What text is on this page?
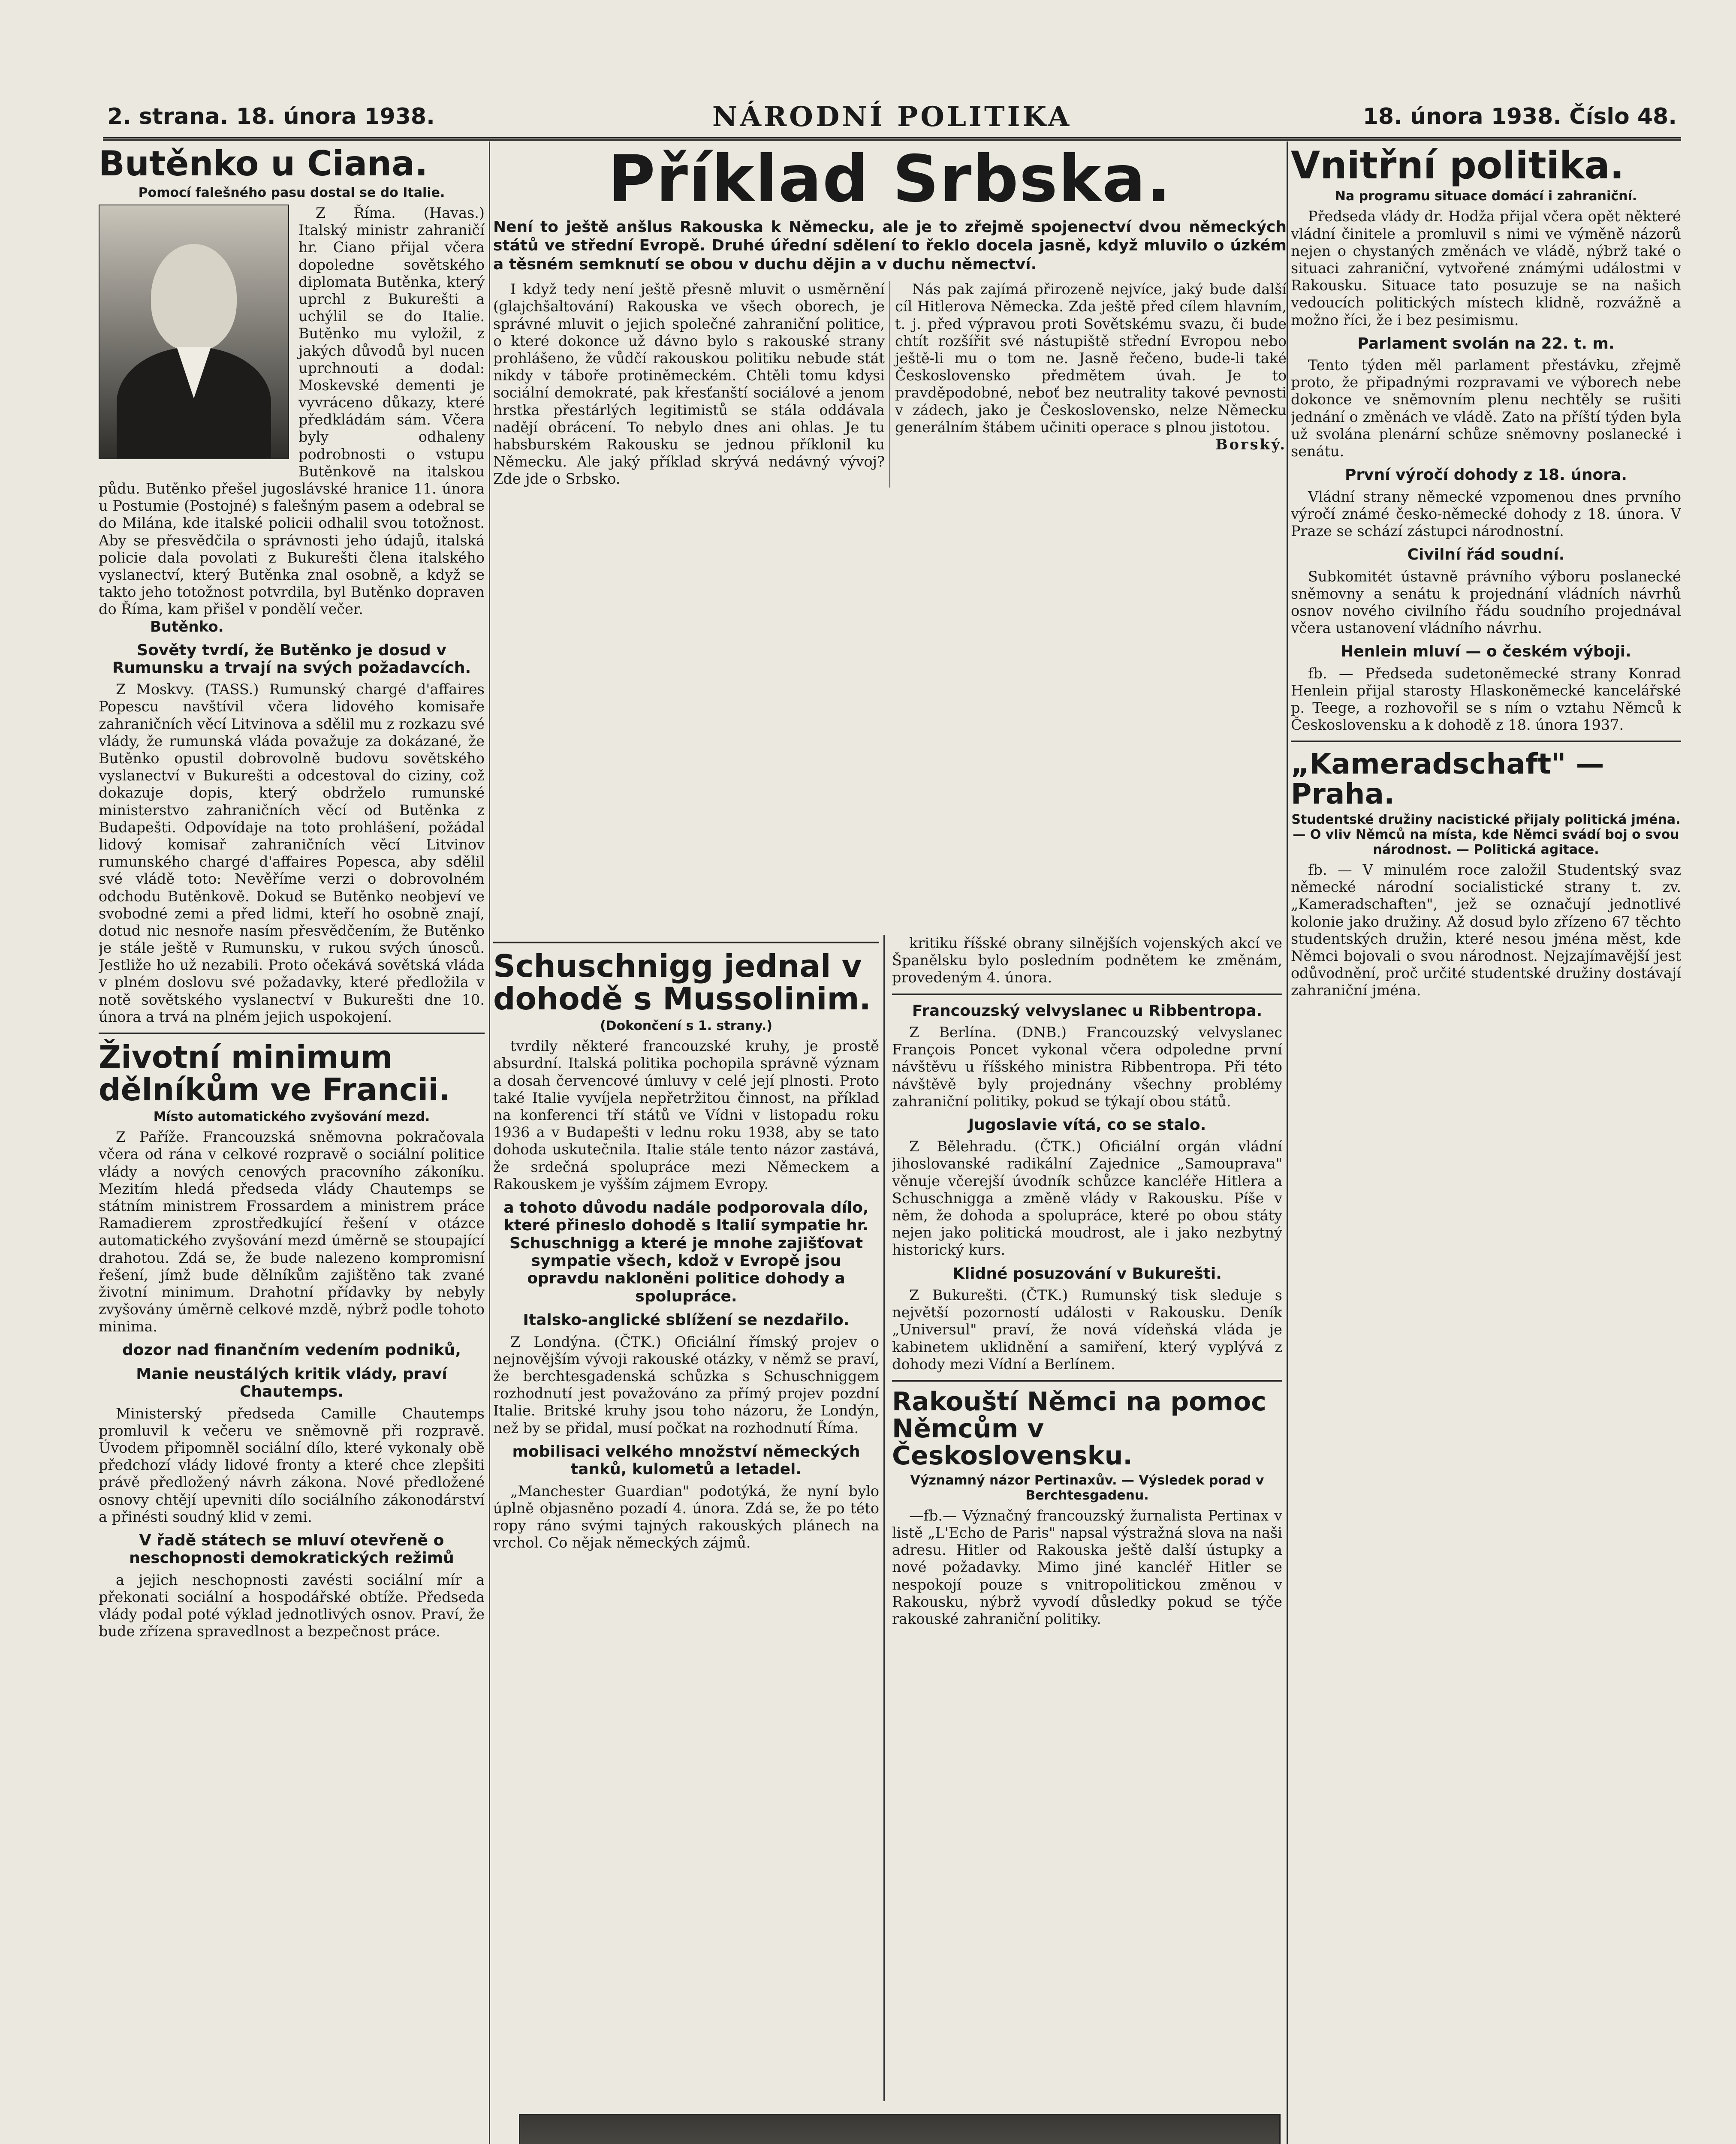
2. strana. 18. února 1938.	NÁRODNÍ POLITIKA	18. února 1938. Číslo 48.
Butěnko u Ciana.
Pomocí falešného pasu dostal se do Italie.

Z Říma. (Havas.) Italský ministr zahraničí hr. Ciano přijal včera dopoledne sovětského diplomata Butěnka, který uprchl z Bukurešti a uchýlil se do Italie. Butěnko mu vyložil, z jakých důvodů byl nucen uprchnouti a dodal: Moskevské dementi je vyvráceno důkazy, které předkládám sám. Včera byly odhaleny podrobnosti o vstupu Butěnkově na italskou půdu. Butěnko přešel jugoslávské hranice 11. února u Postumie (Postojné) s falešným pasem a odebral se do Milána, kde italské policii odhalil svou totožnost. Aby se přesvědčila o správnosti jeho údajů, italská policie dala povolati z Bukurešti člena italského vyslanectví, který Butěnka znal osobně, a když se takto jeho totožnost potvrdila, byl Butěnko dopraven do Říma, kam přišel v pondělí večer.

Butěnko.
Sověty tvrdí, že Butěnko je dosud v Rumunsku a trvají na svých požadavcích.

Z Moskvy. (TASS.) Rumunský chargé d'affaires Popescu navštívil včera lidového komisaře zahraničních věcí Litvinova a sdělil mu z rozkazu své vlády, že rumunská vláda považuje za dokázané, že Butěnko opustil dobrovolně budovu sovětského vyslanectví v Bukurešti a odcestoval do ciziny, což dokazuje dopis, který obdrželo rumunské ministerstvo zahraničních věcí od Butěnka z Budapešti. Odpovídaje na toto prohlášení, požádal lidový komisař zahraničních věcí Litvinov rumunského chargé d'affaires Popesca, aby sdělil své vládě toto: Nevěříme verzi o dobrovolném odchodu Butěnkově. Dokud se Butěnko neobjeví ve svobodné zemi a před lidmi, kteří ho osobně znají, dotud nic nesnoře nasím přesvědčením, že Butěnko je stále ještě v Rumunsku, v rukou svých únosců. Jestliže ho už nezabili. Proto očekává sovětská vláda v plném doslovu své požadavky, které předložila v notě sovětského vyslanectví v Bukurešti dne 10. února a trvá na plném jejich uspokojení.

Životní minimum dělníkům ve Francii.
Místo automatického zvyšování mezd.

Z Paříže. Francouzská sněmovna pokračovala včera od rána v celkové rozpravě o sociální politice vlády a nových cenových pracovního zákoníku. Mezitím hledá předseda vlády Chautemps se státním ministrem Frossardem a ministrem práce Ramadierem zprostředkující řešení v otázce automatického zvyšování mezd úměrně se stoupající drahotou. Zdá se, že bude nalezeno kompromisní řešení, jímž bude dělníkům zajištěno tak zvané životní minimum. Drahotní přídavky by nebyly zvyšovány úměrně celkové mzdě, nýbrž podle tohoto minima.

dozor nad finančním vedením podniků,
Manie neustálých kritik vlády, praví Chautemps.

Ministerský předseda Camille Chautemps promluvil k večeru ve sněmovně při rozpravě. Úvodem připomněl sociální dílo, které vykonaly obě předchozí vlády lidové fronty a které chce zlepšiti právě předložený návrh zákona. Nové předložené osnovy chtějí upevniti dílo sociálního zákonodárství a přinésti soudný klid v zemi.

V řadě státech se mluví otevřeně o neschopnosti demokratických režimů

a jejich neschopnosti zavésti sociální mír a překonati sociální a hospodářské obtíže. Předseda vlády podal poté výklad jednotlivých osnov. Praví, že bude zřízena spravedlnost a bezpečnost práce.

Příklad Srbska.
Není to ještě anšlus Rakouska k Německu, ale je to zřejmě spojenectví dvou německých států ve střední Evropě. Druhé úřední sdělení to řeklo docela jasně, když mluvilo o úzkém a těsném semknutí se obou v duchu dějin a v duchu němectví.

I když tedy není ještě přesně mluvit o usměrnění (glajchšaltování) Rakouska ve všech oborech, je správné mluvit o jejich společné zahraniční politice, o které dokonce už dávno bylo s rakouské strany prohlášeno, že vůdčí rakouskou politiku nebude stát nikdy v táboře protiněmeckém. Chtěli tomu kdysi sociální demokraté, pak křesťanští sociálové a jenom hrstka přestárlých legitimistů se stála oddávala nadějí obrácení. To nebylo dnes ani ohlas. Je tu habsburském Rakousku se jednou příklonil ku Německu. Ale jaký příklad skrývá nedávný vývoj? Zde jde o Srbsko.

Nás pak zajímá přirozeně nejvíce, jaký bude další cíl Hitlerova Německa. Zda ještě před cílem hlavním, t. j. před výpravou proti Sovětskému svazu, či bude chtít rozšířit své nástupiště střední Evropou nebo ještě-li mu o tom ne. Jasně řečeno, bude-li také Československo předmětem úvah. Je to pravděpodobné, neboť bez neutrality takové pevnosti v zádech, jako je Československo, nelze Německu generálním štábem učiniti operace s plnou jistotou.

Borský.
Schuschnigg jednal v dohodě s Mussolinim.
(Dokončení s 1. strany.)

tvrdily některé francouzské kruhy, je prostě absurdní. Italská politika pochopila správně význam a dosah červencové úmluvy v celé její plnosti. Proto také Italie vyvíjela nepřetržitou činnost, na příklad na konferenci tří států ve Vídni v listopadu roku 1936 a v Budapešti v lednu roku 1938, aby se tato dohoda uskutečnila. Italie stále tento názor zastává, že srdečná spolupráce mezi Německem a Rakouskem je vyšším zájmem Evropy.

a tohoto důvodu nadále podporovala dílo, které přineslo dohodě s Italií sympatie hr. Schuschnigg a které je mnohe zajišťovat sympatie všech, kdož v Evropě jsou opravdu nakloněni politice dohody a spolupráce.
Italsko-anglické sblížení se nezdařilo.

Z Londýna. (ČTK.) Oficiální římský projev o nejnovějším vývoji rakouské otázky, v němž se praví, že berchtesgadenská schůzka s Schuschniggem rozhodnutí jest považováno za přímý projev pozdní Italie. Britské kruhy jsou toho názoru, že Londýn, než by se přidal, musí počkat na rozhodnutí Říma.

mobilisaci velkého množství německých tanků, kulometů a letadel.

„Manchester Guardian" podotýká, že nyní bylo úplně objasněno pozadí 4. února. Zdá se, že po této ropy ráno svými tajných rakouských plánech na vrchol. Co nějak německých zájmů.

kritiku říšské obrany silnějších vojenských akcí ve Španělsku bylo posledním podnětem ke změnám, provedeným 4. února.

Francouzský velvyslanec u Ribbentropa.

Z Berlína. (DNB.) Francouzský velvyslanec François Poncet vykonal včera odpoledne první návštěvu u říšského ministra Ribbentropa. Při této návštěvě byly projednány všechny problémy zahraniční politiky, pokud se týkají obou států.

Jugoslavie vítá, co se stalo.

Z Bělehradu. (ČTK.) Oficiální orgán vládní jihoslovanské radikální Zajednice „Samouprava" věnuje včerejší úvodník schůzce kancléře Hitlera a Schuschnigga a změně vlády v Rakousku. Píše v něm, že dohoda a spolupráce, které po obou státy nejen jako politická moudrost, ale i jako nezbytný historický kurs.

Klidné posuzování v Bukurešti.

Z Bukurešti. (ČTK.) Rumunský tisk sleduje s největší pozorností události v Rakousku. Deník „Universul" praví, že nová vídeňská vláda je kabinetem uklidnění a samiření, který vyplývá z dohody mezi Vídní a Berlínem.

Rakouští Němci na pomoc Němcům v Československu.
Významný názor Pertinaxův. — Výsledek porad v Berchtesgadenu.

—fb.— Význačný francouzský žurnalista Pertinax v listě „L'Echo de Paris" napsal výstražná slova na naši adresu. Hitler od Rakouska ještě další ústupky a nové požadavky. Mimo jiné kancléř Hitler se nespokojí pouze s vnitropolitickou změnou v Rakousku, nýbrž vyvodí důsledky pokud se týče rakouské zahraniční politiky.

Vnitřní politika.
Na programu situace domácí i zahraniční.

Předseda vlády dr. Hodža přijal včera opět některé vládní činitele a promluvil s nimi ve výměně názorů nejen o chystaných změnách ve vládě, nýbrž také o situaci zahraniční, vytvořené známými událostmi v Rakousku. Situace tato posuzuje se na našich vedoucích politických místech klidně, rozvážně a možno říci, že i bez pesimismu.

Parlament svolán na 22. t. m.

Tento týden měl parlament přestávku, zřejmě proto, že připadnými rozpravami ve výborech nebe dokonce ve sněmovním plenu nechtěly se rušiti jednání o změnách ve vládě. Zato na příští týden byla už svolána plenární schůze sněmovny poslanecké i senátu.

První výročí dohody z 18. února.

Vládní strany německé vzpomenou dnes prvního výročí známé česko-německé dohody z 18. února. V Praze se schází zástupci národnostní.

Civilní řád soudní.

Subkomitét ústavně právního výboru poslanecké sněmovny a senátu k projednání vládních návrhů osnov nového civilního řádu soudního projednával včera ustanovení vládního návrhu.

Henlein mluví — o českém výboji.

fb. — Předseda sudetoněmecké strany Konrad Henlein přijal starosty Hlaskoněmecké kancelářské p. Teege, a rozhovořil se s ním o vztahu Němců k Československu a k dohodě z 18. února 1937.

„Kameradschaft" — Praha.
Studentské družiny nacistické přijaly politická jména. — O vliv Němců na místa, kde Němci svádí boj o svou národnost. — Politická agitace.

fb. — V minulém roce založil Studentský svaz německé národní socialistické strany t. zv. „Kameradschaften", jež se označují jednotlivé kolonie jako družiny. Až dosud bylo zřízeno 67 těchto studentských družin, které nesou jména měst, kde Němci bojovali o svou národnost. Nejzajímavější jest odůvodnění, proč určité studentské družiny dostávají zahraniční jména.
